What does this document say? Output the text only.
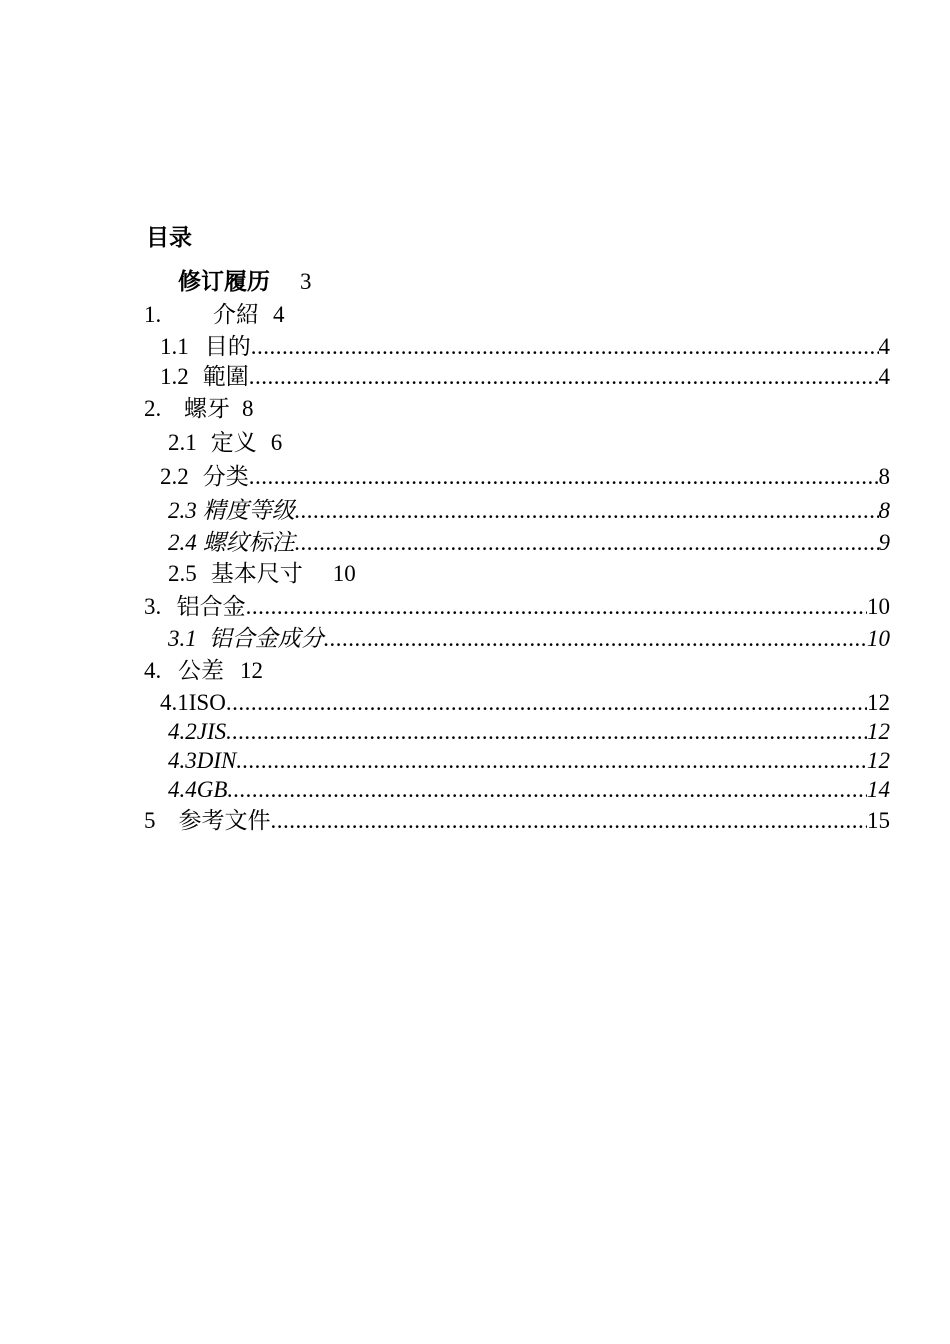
目录
修订履历 3
1.	介紹 4
1.1 目的 .....	4
1.2 範圍 .....	4
2. 螺牙 8
2.1 定义 6
2.2 分类 .....	8
2.3 精度等级 .....	8
2.4 螺纹标注 .....	9
2.5 基本尺寸 10
3. 铝合金 .....	10
3.1 铝合金成分 .....	10
4. 公差 12
4.1 ISO .....	12
4.2 JIS .....	12
4.3 DIN .....	12
4.4 GB .....	14
5	参考文件 .....	15
